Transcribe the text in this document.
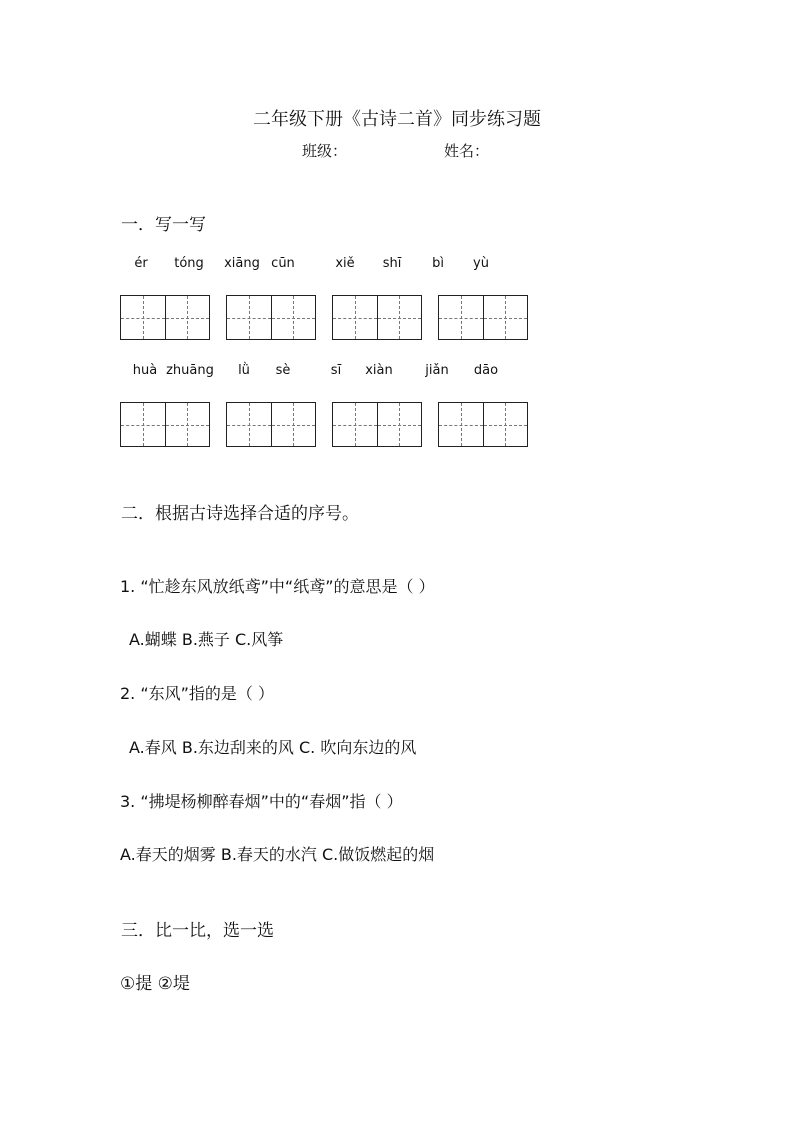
二年级下册《古诗二首》同步练习题
班级：	姓名：
一．写一写
ér	tóng	xiāng cūn	xiě	shī	bì	yù
huà zhuāng	lǜ	sè	sī	xiàn	jiǎn	dāo
二．根据古诗选择合适的序号。
1. “忙趁东风放纸鸢”中“纸鸢”的意思是（ ）
A.蝴蝶 B.燕子 C.风筝
2. “东风”指的是（ ）
A.春风 B.东边刮来的风 C. 吹向东边的风
3. “拂堤杨柳醉春烟”中的“春烟”指（ ）
A.春天的烟雾 B.春天的水汽 C.做饭燃起的烟
三．比一比，选一选
①提 ②堤
